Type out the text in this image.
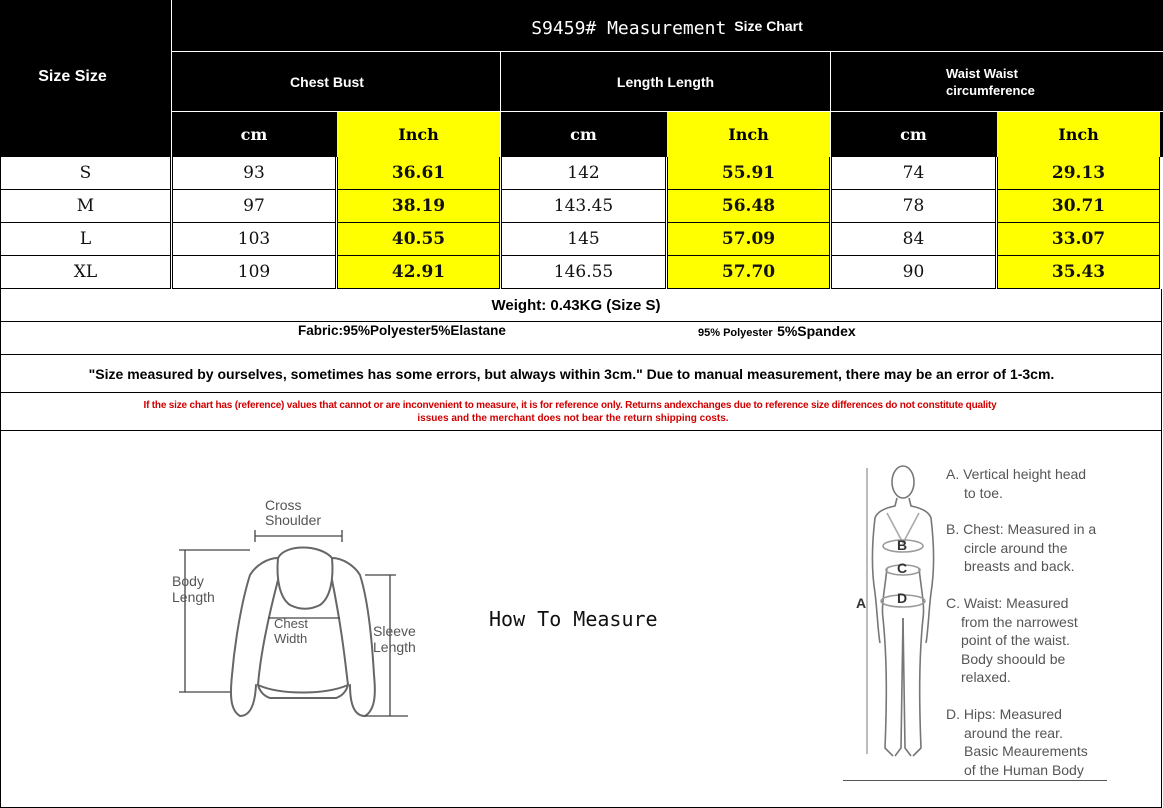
Size Size
S9459# Measurement Size Chart
Chest Bust	Length Length	Waist Waist circumference
cm	Inch	cm	Inch	cm	Inch
S	93	36.61	142	55.91	74	29.13
M	97	38.19	143.45	56.48	78	30.71
L	103	40.55	145	57.09	84	33.07
XL	109	42.91	146.55	57.70	90	35.43
Weight: 0.43KG (Size S)
Fabric:95%Polyester5%Elastane	95% Polyester 5%Spandex
"Size measured by ourselves, sometimes has some errors, but always within 3cm." Due to manual measurement, there may be an error of 1-3cm.
If the size chart has (reference) values that cannot or are inconvenient to measure, it is for reference only. Returns andexchanges due to reference size differences do not constitute quality
issues and the merchant does not bear the return shipping costs.
Cross
Shoulder
Body
Length
Chest
Width	Sleeve
Length
How To Measure
A
B
C
D
A. Vertical height head
to toe.
B. Chest: Measured in a
circle around the
breasts and back.
C. Waist: Measured
from the narrowest
point of the waist.
Body shoould be
relaxed.
D. Hips: Measured
around the rear.
Basic Meaurements
of the Human Body
